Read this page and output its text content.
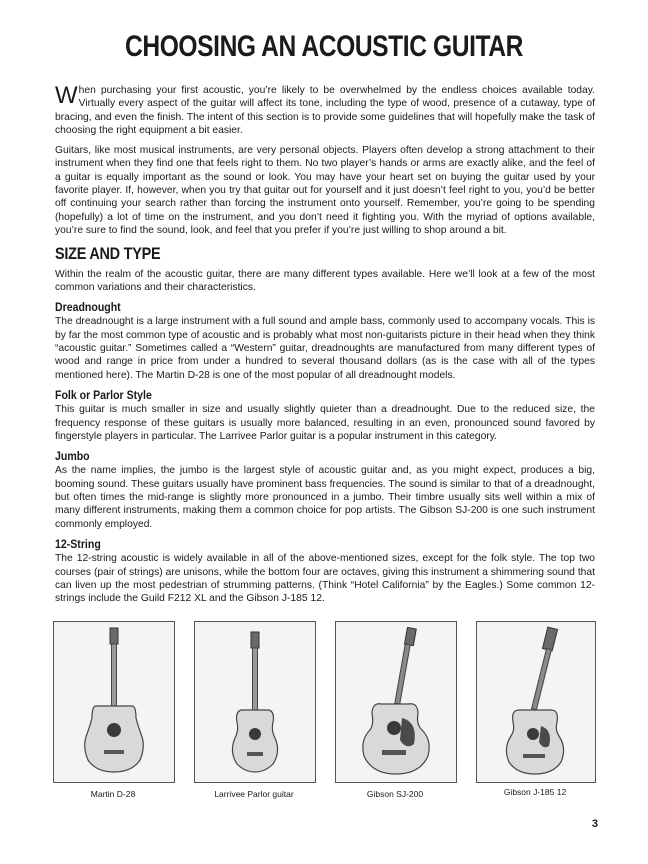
CHOOSING AN ACOUSTIC GUITAR

When purchasing your first acoustic, you’re likely to be overwhelmed by the endless choices available today. Virtually every aspect of the guitar will affect its tone, including the type of wood, presence of a cutaway, type of bracing, and even the finish. The intent of this section is to provide some guidelines that will hopefully make the task of choosing the right equipment a bit easier.

Guitars, like most musical instruments, are very personal objects. Players often develop a strong attachment to their instrument when they find one that feels right to them. No two player’s hands or arms are exactly alike, and the feel of a guitar is equally important as the sound or look. You may have your heart set on buying the guitar used by your favorite player. If, however, when you try that guitar out for yourself and it just doesn’t feel right to you, you’d be better off continuing your search rather than forcing the instrument onto yourself. Remember, you’re going to be spending (hopefully) a lot of time on the instrument, and you don’t need it fighting you. With the myriad of options available, you’re sure to find the sound, look, and feel that you prefer if you’re just willing to shop around a bit.

SIZE AND TYPE

Within the realm of the acoustic guitar, there are many different types available. Here we’ll look at a few of the most common variations and their characteristics.

Dreadnought

The dreadnought is a large instrument with a full sound and ample bass, commonly used to accompany vocals. This is by far the most common type of acoustic and is probably what most non-guitarists picture in their head when they think “acoustic guitar.” Sometimes called a “Western” guitar, dreadnoughts are manufactured from many different types of wood and range in price from under a hundred to several thousand dollars (as is the case with all of the types mentioned here). The Martin D-28 is one of the most popular of all dreadnought models.

Folk or Parlor Style

This guitar is much smaller in size and usually slightly quieter than a dreadnought. Due to the reduced size, the frequency response of these guitars is usually more balanced, resulting in an even, pronounced sound favored by fingerstyle players in particular. The Larrivee Parlor guitar is a popular instrument in this category.

Jumbo

As the name implies, the jumbo is the largest style of acoustic guitar and, as you might expect, produces a big, booming sound. These guitars usually have prominent bass frequencies. The sound is similar to that of a dreadnought, but often times the mid-range is slightly more pronounced in a jumbo. Their timbre usually sits well within a mix of many different instruments, making them a common choice for pop artists. The Gibson SJ-200 is one such instrument commonly employed.

12-String

The 12-string acoustic is widely available in all of the above-mentioned sizes, except for the folk style. The top two courses (pair of strings) are unisons, while the bottom four are octaves, giving this instrument a shimmering sound that can liven up the most pedestrian of strumming patterns. (Think “Hotel California” by the Eagles.) Some common 12-strings include the Guild F212 XL and the Gibson J-185 12.

Martin D-28	Larrivee Parlor guitar	Gibson SJ-200	Gibson J-185 12
3
